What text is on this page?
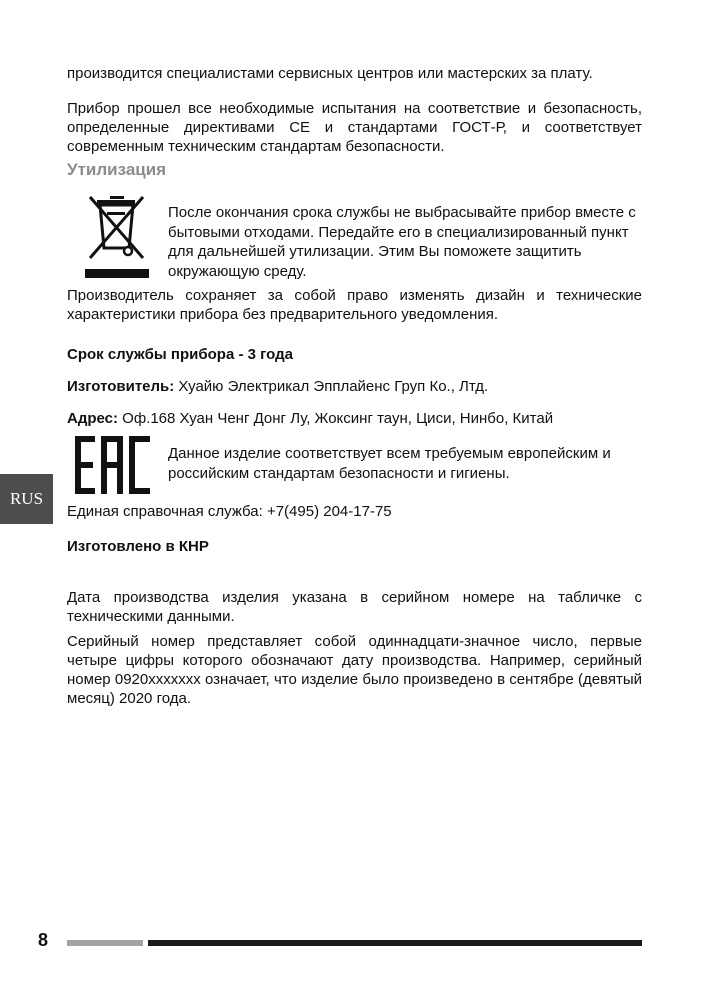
производится специалистами сервисных центров или мастерских за плату.

Прибор прошел все необходимые испытания на соответствие и безопасность, определенные директивами CE и стандартами ГОСТ-Р, и соответствует современным техническим стандартам безопасности.

Утилизация

После окончания срока службы не выбрасывайте прибор вместе с бытовыми отходами. Передайте его в специализированный пункт для дальнейшей утилизации. Этим Вы поможете защитить окружающую среду.

Производитель сохраняет за собой право изменять дизайн и технические характеристики прибора без предварительного уведомления.

Срок службы прибора - 3 года

Изготовитель: Хуайю Электрикал Эпплайенс Груп Ко., Лтд.

Адрес: Оф.168 Хуан Ченг Донг Лу, Жоксинг таун, Циси, Нинбо, Китай

Данное изделие соответствует всем требуемым европейским и российским стандартам безопасности и гигиены.

RUS

Единая справочная служба: +7(495) 204-17-75

Изготовлено в КНР

Дата производства изделия указана в серийном номере на табличке с техническими данными.

Серийный номер представляет собой одиннадцати-значное число, первые четыре цифры которого обозначают дату производства. Например, серийный номер 0920xxxxxxx означает, что изделие было произведено в сентябре (девятый месяц) 2020 года.

8
